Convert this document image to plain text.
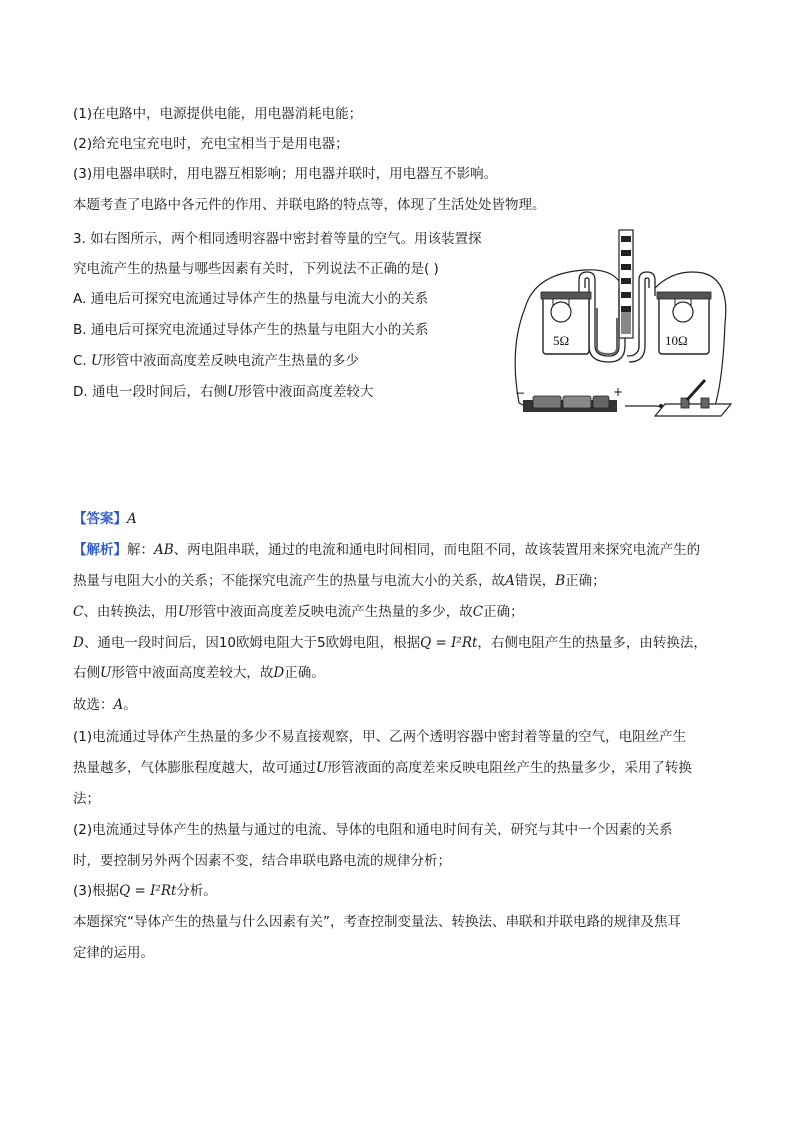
(1)在电路中，电源提供电能，用电器消耗电能；
(2)给充电宝充电时，充电宝相当于是用电器；
(3)用电器串联时，用电器互相影响；用电器并联时，用电器互不影响。
本题考查了电路中各元件的作用、并联电路的特点等，体现了生活处处皆物理。
3. 如右图所示，两个相同透明容器中密封着等量的空气。用该装置探
究电流产生的热量与哪些因素有关时，下列说法不正确的是( )
A. 通电后可探究电流通过导体产生的热量与电流大小的关系
B. 通电后可探究电流通过导体产生的热量与电阻大小的关系
C. U形管中液面高度差反映电流产生热量的多少
D. 通电一段时间后，右侧U形管中液面高度差较大
5Ω	10Ω
−	+
【答案】A
【解析】解：AB、两电阻串联，通过的电流和通电时间相同，而电阻不同，故该装置用来探究电流产生的
热量与电阻大小的关系；不能探究电流产生的热量与电流大小的关系，故A错误，B正确；
C、由转换法，用U形管中液面高度差反映电流产生热量的多少，故C正确；
D、通电一段时间后，因10欧姆电阻大于5欧姆电阻，根据Q = I²Rt，右侧电阻产生的热量多，由转换法，
右侧U形管中液面高度差较大，故D正确。
故选：A。
(1)电流通过导体产生热量的多少不易直接观察，甲、乙两个透明容器中密封着等量的空气，电阻丝产生
热量越多，气体膨胀程度越大，故可通过U形管液面的高度差来反映电阻丝产生的热量多少，采用了转换
法；
(2)电流通过导体产生的热量与通过的电流、导体的电阻和通电时间有关，研究与其中一个因素的关系
时，要控制另外两个因素不变，结合串联电路电流的规律分析；
(3)根据Q = I²Rt分析。
本题探究“导体产生的热量与什么因素有关”，考查控制变量法、转换法、串联和并联电路的规律及焦耳
定律的运用。
